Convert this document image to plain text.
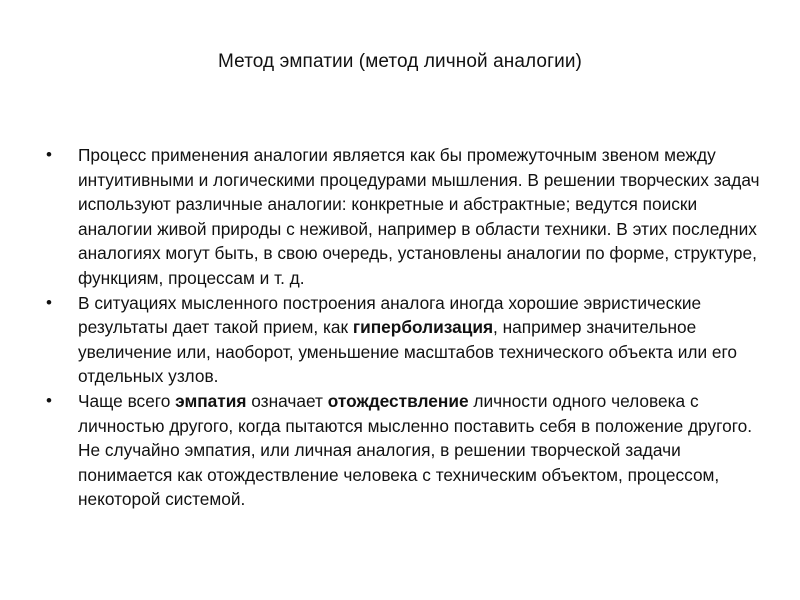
Метод эмпатии (метод личной аналогии)
•	Процесс применения аналогии является как бы промежуточным звеном между интуитивными и логическими процедурами мышления. В решении творческих задач используют различные аналогии: конкретные и абстрактные; ведутся поиски аналогии живой природы с неживой, например в области техники. В этих последних аналогиях могут быть, в свою очередь, установлены аналогии по форме, структуре, функциям, процессам и т. д.
•	В ситуациях мысленного построения аналога иногда хорошие эвристические результаты дает такой прием, как гиперболизация, например значительное увеличение или, наоборот, уменьшение масштабов технического объекта или его отдельных узлов.
•	Чаще всего эмпатия означает отождествление личности одного человека с личностью другого, когда пытаются мысленно поставить себя в положение другого. Не случайно эмпатия, или личная аналогия, в решении творческой задачи понимается как отождествление человека с техническим объектом, процессом, некоторой системой.
